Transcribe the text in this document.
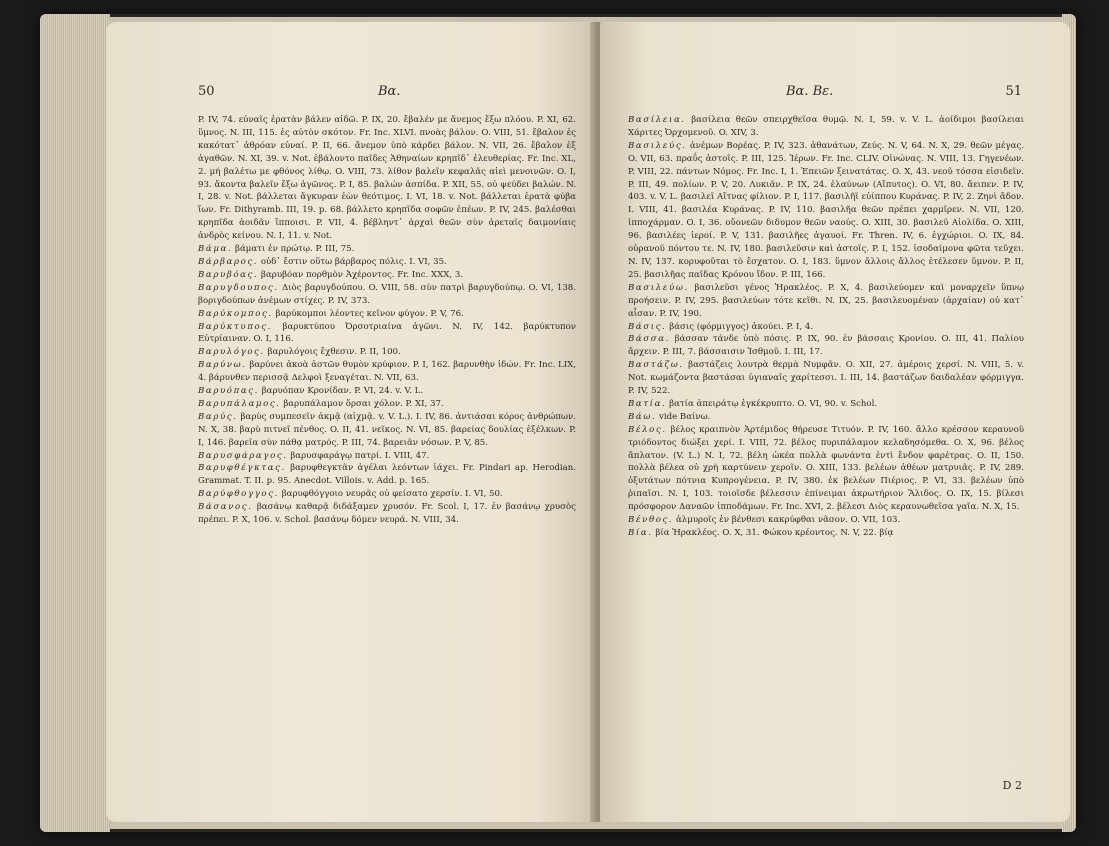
50	Βα.

P. IV, 74. εὐναῖς ἐρατὰν βάλεν αἰδῶ. P. IX, 20. ἔβαλέν με ἄνεμος ἔξω πλόου. P. XI, 62. ὕμνος. N. III, 115. ἐς αὐτὸν σκότον. Fr. Inc. XLVI. πνοὰς βάλον. O. VIII, 51. ἔβαλον ἐς κακότατ᾽ ἀθρόαν εὐναί. P. II, 66. ἄνεμον ὑπὸ κάρδει βάλον. N. VII, 26. ἔβαλον ἐξ ἀγαθῶν. N. XI, 39. v. Not. ἐβάλοντο παῖδες Ἀθηναίων κρηπῖδ᾽ ἐλευθερίας. Fr. Inc. XL, 2. μή βαλέτω με φθόνος λίθῳ. O. VIII, 73. λίθον βαλεῖν κεφαλᾶς αἰεὶ μενοινῶν. O. I, 93. ἄκοντα βαλεῖν ἔξω ἀγῶνος. P. I, 85. βαλών ἀσπίδα. P. XII, 55. οὐ ψεύδει βαλών. N. I, 28. v. Not. βάλλεται ἄγκυραν ἐὼν θεότιμος. I. VI, 18. v. Not. βάλλεται ἐρατὰ φύβα ἴων. Fr. Dithyramb. III, 19. p. 68. βάλλετο κρηπῖδα σοφῶν ἐπέων. P. IV, 245. βαλέσθαι κρηπῖδα ἀοιδᾶν ἵπποισι. P. VII, 4. βέβληντ᾽ ἀρχαὶ θεῶν σὺν ἀρεταῖς δαιμονίαις ἀνδρὸς κείνου. N. I, 11. v. Not.

Βάμα. βάματι ἐν πρώτῳ. P. III, 75.

Βάρβαρος. οὐδ᾽ ἔστιν οὕτω βάρβαρος πόλις. I. VI, 35.

Βαρυβόας. βαρυβόαν πορθμὸν Ἀχέροντος. Fr. Inc. XXX, 3.

Βαρυγδουπος. Διὸς βαρυγδούπου. O. VIII, 58. σὺν πατρὶ βαρυγδούπῳ. O. VI, 138. βοριγδούπων ἀνέμων στίχες. P. IV, 373.

Βαρύκομπος. βαρύκομποι λέοντες κεῖνον φύγον. P. V, 76.

Βαρύκτυπος. βαρυκτύπου Ὀρσοτριαίνα ἀγῶνι. N. IV, 142. βαρύκτυπον Εὐτρίαιναν. O. I, 116.

Βαρυλόγος. βαρυλόγοις ἔχθεσιν. P. II, 100.

Βαρύνω. βαρύνει ἀκοὰ ἀστῶν θυμὸν κρύφιον. P. I, 162. βαρυνθὴν ἰδών. Fr. Inc. LIX, 4. βάρυνθεν περισσᾷ Δελφοὶ ξεναγέται. N. VII, 63.

Βαρυόπας. βαρυόπαν Κρονίδαν. P. VI, 24. v. V. L.

Βαρυπάλαμος. βαρυπάλαμον ὅρσαι χόλον. P. XI, 37.

Βαρύς. βαρὺς συμπεσεῖν ἀκμᾷ (αἰχμᾷ. v. V. L.). I. IV, 86. ἀντιάσαι κόρος ἀνθρώπων. N. X, 38. βαρὺ πιτνεῖ πένθος. O. II, 41. νεῖκος. N. VI, 85. βαρείας δουλίας ἐξέλκων. P. I, 146. βαρεῖα σὺν πάθᾳ ματρός. P. III, 74. βαρειᾶν νόσων. P. V, 85.

Βαρυσφάραγος. βαρυσφαράγῳ πατρί. I. VIII, 47.

Βαρυφθέγκτας. βαρυφθεγκτᾶν ἀγέλαι λεόντων ἰάχει. Fr. Pindari ap. Herodian. Grammat. T. II. p. 95. Anecdot. Villois. v. Add. p. 165.

Βαρύφθογγος. βαρυφθόγγοιο νευρᾶς οὐ φείσατο χερσίν. I. VI, 50.

Βάσανος. βασάνῳ καθαρᾷ διδάξαμεν χρυσόν. Fr. Scol. I, 17. ἐν βασάνῳ χρυσὸς πρέπει. P. X, 106. v. Schol. βασάνῳ δόμεν νευρά. N. VIII, 34.

Βα. Βε.	51

Βασίλεια. βασίλεια θεῶν σπειρχθεῖσα θυμῷ. N. I, 59. v. V. L. ἀοίδιμοι βασίλειαι Χάριτες Ὀρχομενοῦ. O. XIV, 3.

Βασιλεύς. ἀνέμων Βορέας. P. IV, 323. ἀθανάτων, Ζεύς. N. V, 64. N. X, 29. θεῶν μέγας. O. VII, 63. πραΰς ἀστοῖς. P. III, 125. Ἱέρων. Fr. Inc. CLIV. Οἰνώνας. N. VIII, 13. Γηγενέων. P. VIII, 22. πάντων Νόμος. Fr. Inc. I, 1. Ἐπειῶν ξεινατάτας. O. X, 43. νεοῦ τόσσα εἰσιδεῖν. P. III, 49. πολίων. P. V, 20. Λυκιᾶν. P. IX, 24. ἐλαύνων (Αἴπυτος). O. VI, 80. ἄειπεν. P. IV, 403. v. V. L. βασιλεῖ Αἴτνας φίλιον. P. I, 117. βασιλῆϊ εὐίππου Κυράνας. P. IV, 2. Ζηνὶ ἄδον. I. VIII, 41. βασιλέα Κυράνας. P. IV, 110. βασιλῆα θεῶν πρέπει χαρμῖρεν. N. VII, 120. ἱπποχάρμαν. O. I, 36. οὔονεῶν διδυμον θεῶν ναούς. O. XIII, 30. βασιλεῦ Αἰολίδα. O. XIII, 96. βασιλέες ἱεροί. P. V, 131. βασιλῆες ἀγαυοί. Fr. Thren. IV, 6. ἐγχώριοι. O. IX, 84. οὐρανοῦ πόντου τε. N. IV, 180. βασιλεῦσιν καὶ ἀστοῖς. P. I, 152. ἰσοδαίμονα φῶτα τεῦχει. N. IV, 137. κορυφοῦται τὸ ἔσχατον. O. I, 183. ὕμνον ἄλλοις ἄλλος ἐτέλεσεν ὕμνον. P. II, 25. βασιλῆας παῖδας Κρόνου ἴδον. P. III, 166.

Βασιλεύω. βασιλεῦσι γένος Ἡρακλέος. P. X, 4. βασιλεύομεν καὶ μοναρχεῖν ὕπνῳ προήσειν. P. IV, 295. βασιλεύων τότε κεῖθι. N. IX, 25. βασιλευομέναν (ἀρχαίαν) οὐ κατ᾽ αἶσαν. P. IV, 190.

Βάσις. βάσις (φόρμιγγος) ἀκούει. P. I, 4.

Βάσσα. βάσσαν τάνδε ὑπὸ πόσις. P. IX, 90. ἐν βάσσαις Κρονίου. O. III, 41. Παλίου ἄρχειν. P. III, 7. βάσσαισιν Ἰσθμοῦ. I. III, 17.

Βαστάζω. βαστάζεις λουτρὰ θερμὰ Νυμφᾶν. O. XII, 27. ἀμέροις χερσί. N. VIII, 5. v. Not. κωμάζοντα βαστάσαι ὑγιαναῖς χαρίτεσσι. I. III, 14. βαστάζων δαιδαλέαν φόρμιγγα. P. IV, 522.

Βατία. βατία ἀπειράτῳ ἐγκέκρυπτο. O. VI, 90. v. Schol.

Βάω. vide Βαίνω.

Βέλος. βέλος κραιπνὸν Ἀρτέμιδος θήρευσε Τιτυόν. P. IV, 160. ἄλλο κρέσσον κεραυνοῦ τριόδοντος διώξει χερί. I. VIII, 72. βέλος πυριπάλαμον κελαδησόμεθα. O. X, 96. βέλος ἄπλατον. (V. L.) N. I, 72. βέλη ὠκέα πολλὰ φωνάντα ἐντὶ ἔνδον φαρέτρας. O. II, 150. πολλὰ βέλεα οὐ χρὴ καρτύνειν χεροῖν. O. XIII, 133. βελέων ἀθέων ματρυιᾶς. P. IV, 289. ὀξυτάτων πότνια Κυπρογένεια. P. IV, 380. ἐκ βελέων Πιέριος. P. VI, 33. βελέων ὑπὸ ῥιπαῖσι. N. I, 103. τοιοῖσδε βέλεσσιν ἐπίνειμαι ἀκρωτήριον Ἅλιδος. O. IX, 15. βίλεσι πρόσφορον Δαναῶν ἱπποδάμων. Fr. Inc. XVI, 2. βέλεσι Διὸς κεραυνωθεῖσα γαῖα. N. X, 15.

Βένθος. ἁλμυροῖς ἐν βένθεσι κακρύφθαι νᾶσον. O. VII, 103.

Βία. βία Ἡρακλέος. O. X, 31. Φώκου κρέοντος. N. V, 22. βίᾳ

D 2
